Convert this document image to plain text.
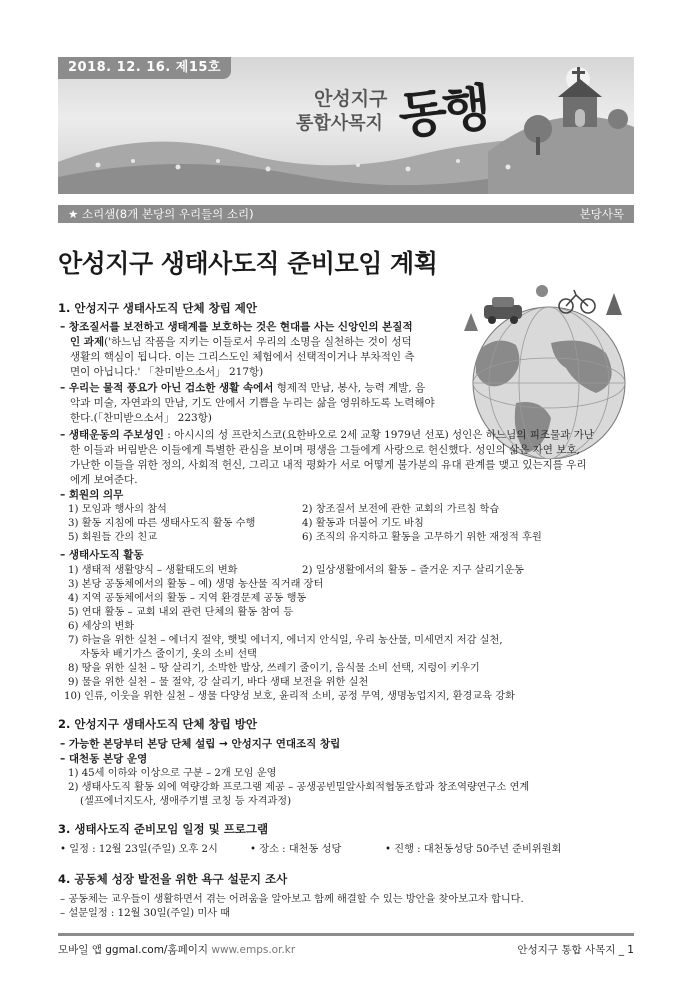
2018. 12. 16. 제15호
안성지구
통합사목지 동행
★ 소리샘(8개 본당의 우리들의 소리)	본당사목
안성지구 생태사도직 준비모임 계획
1. 안성지구 생태사도직 단체 창립 제안
– 창조질서를 보전하고 생태계를 보호하는 것은 현대를 사는 신앙인의 본질적
인 과제('하느님 작품을 지키는 이들로서 우리의 소명을 실천하는 것이 성덕
생활의 핵심이 됩니다. 이는 그리스도인 체험에서 선택적이거나 부차적인 측
면이 아닙니다.' 「찬미받으소서」 217항)
– 우리는 물적 풍요가 아닌 검소한 생활 속에서 형제적 만남, 봉사, 능력 계발, 음
악과 미술, 자연과의 만남, 기도 안에서 기쁨을 누리는 삶을 영위하도록 노력해야
한다.(「찬미받으소서」 223항)
– 생태운동의 주보성인 : 아시시의 성 프란치스코(요한바오로 2세 교황 1979년 선포) 성인은 하느님의 피조물과 가난
한 이들과 버림받은 이들에게 특별한 관심을 보이며 평생을 그들에게 사랑으로 헌신했다. 성인의 삶은 자연 보호,
가난한 이들을 위한 정의, 사회적 헌신, 그리고 내적 평화가 서로 어떻게 불가분의 유대 관계를 맺고 있는지를 우리
에게 보여준다.
– 회원의 의무
1) 모임과 행사의 참석	2) 창조질서 보전에 관한 교회의 가르침 학습
3) 활동 지침에 따른 생태사도직 활동 수행	4) 활동과 더불어 기도 바침
5) 회원들 간의 친교	6) 조직의 유지하고 활동을 고무하기 위한 재정적 후원
– 생태사도직 활동
1) 생태적 생활양식 – 생활태도의 변화	2) 일상생활에서의 활동 – 즐거운 지구 살리기운동
3) 본당 공동체에서의 활동 – 예) 생명 농산물 직거래 장터
4) 지역 공동체에서의 활동 – 지역 환경문제 공동 행동
5) 연대 활동 – 교회 내외 관련 단체의 활동 참여 등
6) 세상의 변화
7) 하늘을 위한 실천 – 에너지 절약, 햇빛 에너지, 에너지 안식일, 우리 농산물, 미세먼지 저감 실천,
자동차 배기가스 줄이기, 옷의 소비 선택
8) 땅을 위한 실천 – 땅 살리기, 소박한 밥상, 쓰레기 줄이기, 음식물 소비 선택, 지렁이 키우기
9) 물을 위한 실천 – 물 절약, 강 살리기, 바다 생태 보전을 위한 실천
10) 인류, 이웃을 위한 실천 – 생물 다양성 보호, 윤리적 소비, 공정 무역, 생명농업지지, 환경교육 강화
2. 안성지구 생태사도직 단체 창립 방안
– 가능한 본당부터 본당 단체 설립 → 안성지구 연대조직 창립
– 대천동 본당 운영
1) 45세 이하와 이상으로 구분 – 2개 모임 운영
2) 생태사도직 활동 외에 역량강화 프로그램 제공 – 공생공빈밀알사회적협동조합과 창조역량연구소 연계
(셀프에너지도사, 생애주기별 코칭 등 자격과정)
3. 생태사도직 준비모임 일정 및 프로그램
• 일정 : 12월 23일(주일) 오후 2시	• 장소 : 대천동 성당	• 진행 : 대천동성당 50주년 준비위원회
4. 공동체 성장 발전을 위한 욕구 설문지 조사
– 공동체는 교우들이 생활하면서 겪는 어려움을 알아보고 함께 해결할 수 있는 방안을 찾아보고자 합니다.
– 설문일정 : 12월 30일(주일) 미사 때
모바일 앱 ggmal.com/홈페이지 www.emps.or.kr	안성지구 통합 사목지 _ 1
